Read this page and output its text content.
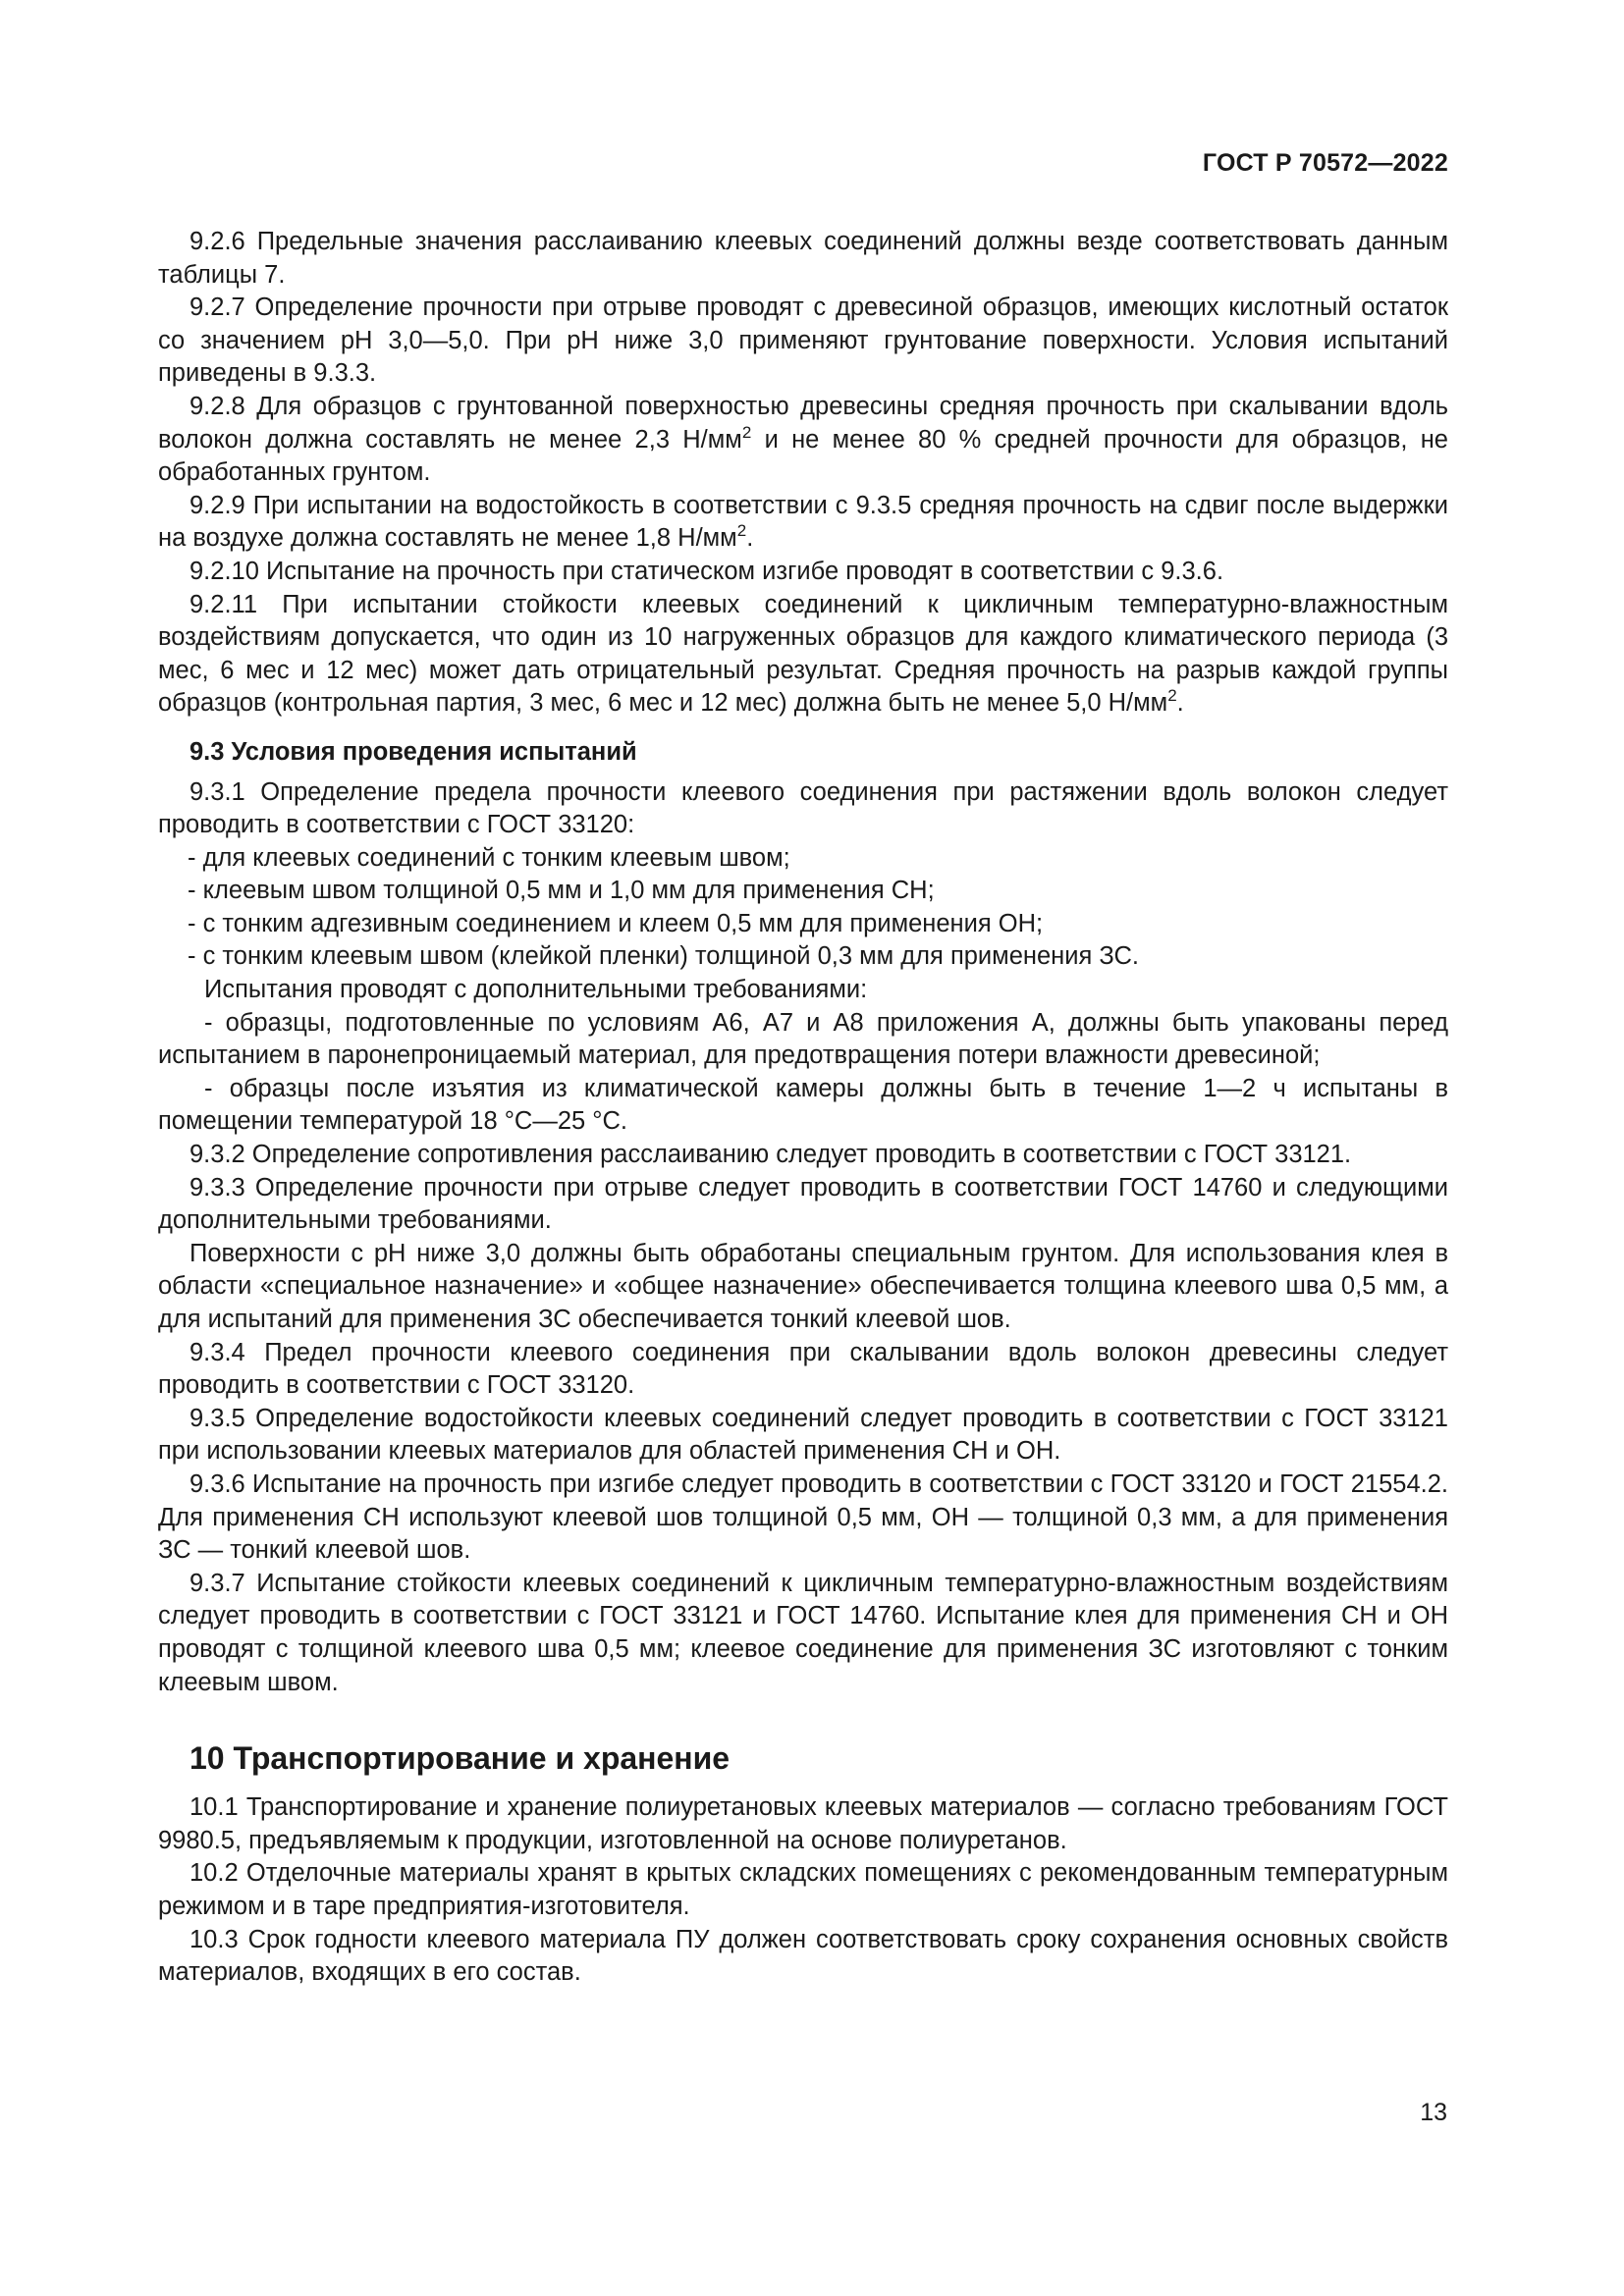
ГОСТ Р 70572—2022

9.2.6 Предельные значения расслаиванию клеевых соединений должны везде соответствовать данным таблицы 7.

9.2.7 Определение прочности при отрыве проводят с древесиной образцов, имеющих кислотный остаток со значением рН 3,0—5,0. При рН ниже 3,0 применяют грунтование поверхности. Условия испытаний приведены в 9.3.3.

9.2.8 Для образцов с грунтованной поверхностью древесины средняя прочность при скалывании вдоль волокон должна составлять не менее 2,3 $Н/мм^2$ и не менее 80 % средней прочности для образцов, не обработанных грунтом.

9.2.9 При испытании на водостойкость в соответствии с 9.3.5 средняя прочность на сдвиг после выдержки на воздухе должна составлять не менее 1,8 $Н/мм^2$.

9.2.10 Испытание на прочность при статическом изгибе проводят в соответствии с 9.3.6.

9.2.11 При испытании стойкости клеевых соединений к цикличным температурно-влажностным воздействиям допускается, что один из 10 нагруженных образцов для каждого климатического периода (3 мес, 6 мес и 12 мес) может дать отрицательный результат. Средняя прочность на разрыв каждой группы образцов (контрольная партия, 3 мес, 6 мес и 12 мес) должна быть не менее 5,0 $Н/мм^2$.

9.3 Условия проведения испытаний

9.3.1 Определение предела прочности клеевого соединения при растяжении вдоль волокон следует проводить в соответствии с ГОСТ 33120:

- для клеевых соединений с тонким клеевым швом;

- клеевым швом толщиной 0,5 мм и 1,0 мм для применения СН;

- с тонким адгезивным соединением и клеем 0,5 мм для применения ОН;

- с тонким клеевым швом (клейкой пленки) толщиной 0,3 мм для применения ЗС.

Испытания проводят с дополнительными требованиями:

- образцы, подготовленные по условиям А6, А7 и А8 приложения А, должны быть упакованы перед испытанием в паронепроницаемый материал, для предотвращения потери влажности древесиной;

- образцы после изъятия из климатической камеры должны быть в течение 1—2 ч испытаны в помещении температурой 18 °С—25 °С.

9.3.2 Определение сопротивления расслаиванию следует проводить в соответствии с ГОСТ 33121.

9.3.3 Определение прочности при отрыве следует проводить в соответствии ГОСТ 14760 и следующими дополнительными требованиями.

Поверхности с рН ниже 3,0 должны быть обработаны специальным грунтом. Для использования клея в области «специальное назначение» и «общее назначение» обеспечивается толщина клеевого шва 0,5 мм, а для испытаний для применения ЗС обеспечивается тонкий клеевой шов.

9.3.4 Предел прочности клеевого соединения при скалывании вдоль волокон древесины следует проводить в соответствии с ГОСТ 33120.

9.3.5 Определение водостойкости клеевых соединений следует проводить в соответствии с ГОСТ 33121 при использовании клеевых материалов для областей применения СН и ОН.

9.3.6 Испытание на прочность при изгибе следует проводить в соответствии с ГОСТ 33120 и ГОСТ 21554.2. Для применения СН используют клеевой шов толщиной 0,5 мм, ОН — толщиной 0,3 мм, а для применения ЗС — тонкий клеевой шов.

9.3.7 Испытание стойкости клеевых соединений к цикличным температурно-влажностным воздействиям следует проводить в соответствии с ГОСТ 33121 и ГОСТ 14760. Испытание клея для применения СН и ОН проводят с толщиной клеевого шва 0,5 мм; клеевое соединение для применения ЗС изготовляют с тонким клеевым швом.

10 Транспортирование и хранение

10.1 Транспортирование и хранение полиуретановых клеевых материалов — согласно требованиям ГОСТ 9980.5, предъявляемым к продукции, изготовленной на основе полиуретанов.

10.2 Отделочные материалы хранят в крытых складских помещениях с рекомендованным температурным режимом и в таре предприятия-изготовителя.

10.3 Срок годности клеевого материала ПУ должен соответствовать сроку сохранения основных свойств материалов, входящих в его состав.

13
